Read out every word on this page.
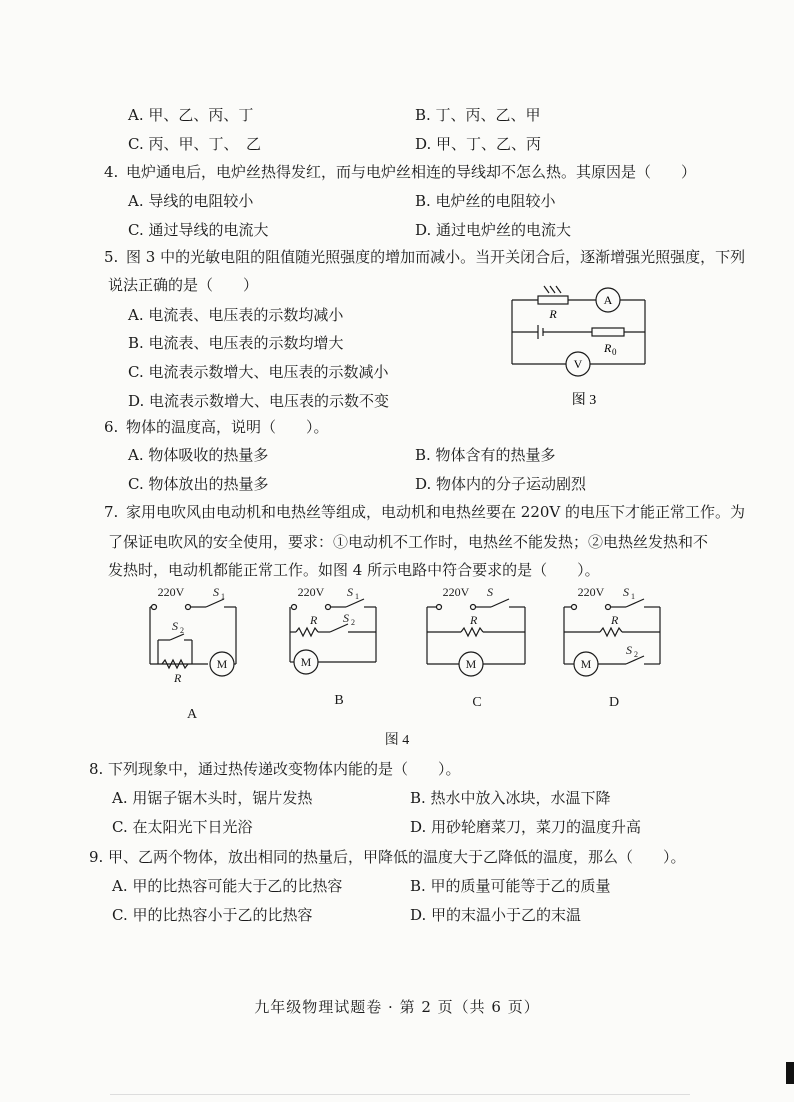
A. 甲、乙、丙、丁	B. 丁、丙、乙、甲
C. 丙、甲、丁、　乙	D. 甲、丁、乙、丙
4. 电炉通电后，电炉丝热得发红，而与电炉丝相连的导线却不怎么热。其原因是（　　）
A. 导线的电阻较小	B. 电炉丝的电阻较小
C. 通过导线的电流大	D. 通过电炉丝的电流大
5. 图 3 中的光敏电阻的阻值随光照强度的增加而减小。当开关闭合后，逐渐增强光照强度，下列
说法正确的是（　　）
A. 电流表、电压表的示数均减小
B. 电流表、电压表的示数均增大
C. 电流表示数增大、电压表的示数减小
D. 电流表示数增大、电压表的示数不变
R
R 0
A
V
图 3
6. 物体的温度高，说明（　　）。
A. 物体吸收的热量多	B. 物体含有的热量多
C. 物体放出的热量多	D. 物体内的分子运动剧烈
7. 家用电吹风由电动机和电热丝等组成，电动机和电热丝要在 220V 的电压下才能正常工作。为
了保证电吹风的安全使用，要求：①电动机不工作时，电热丝不能发热；②电热丝发热和不
发热时，电动机都能正常工作。如图 4 所示电路中符合要求的是（　　）。
220V S 1
S 2
R
M
A
220V S 1
R S 2
M
B
220V S
R
M
C
220V S 1
R
S 2
M
D
图 4
8. 下列现象中，通过热传递改变物体内能的是（　　）。
A. 用锯子锯木头时，锯片发热	B. 热水中放入冰块，水温下降
C. 在太阳光下日光浴	D. 用砂轮磨菜刀，菜刀的温度升高
9. 甲、乙两个物体，放出相同的热量后，甲降低的温度大于乙降低的温度，那么（　　）。
A. 甲的比热容可能大于乙的比热容	B. 甲的质量可能等于乙的质量
C. 甲的比热容小于乙的比热容	D. 甲的末温小于乙的末温
九年级物理试题卷 · 第 2 页（共 6 页）
